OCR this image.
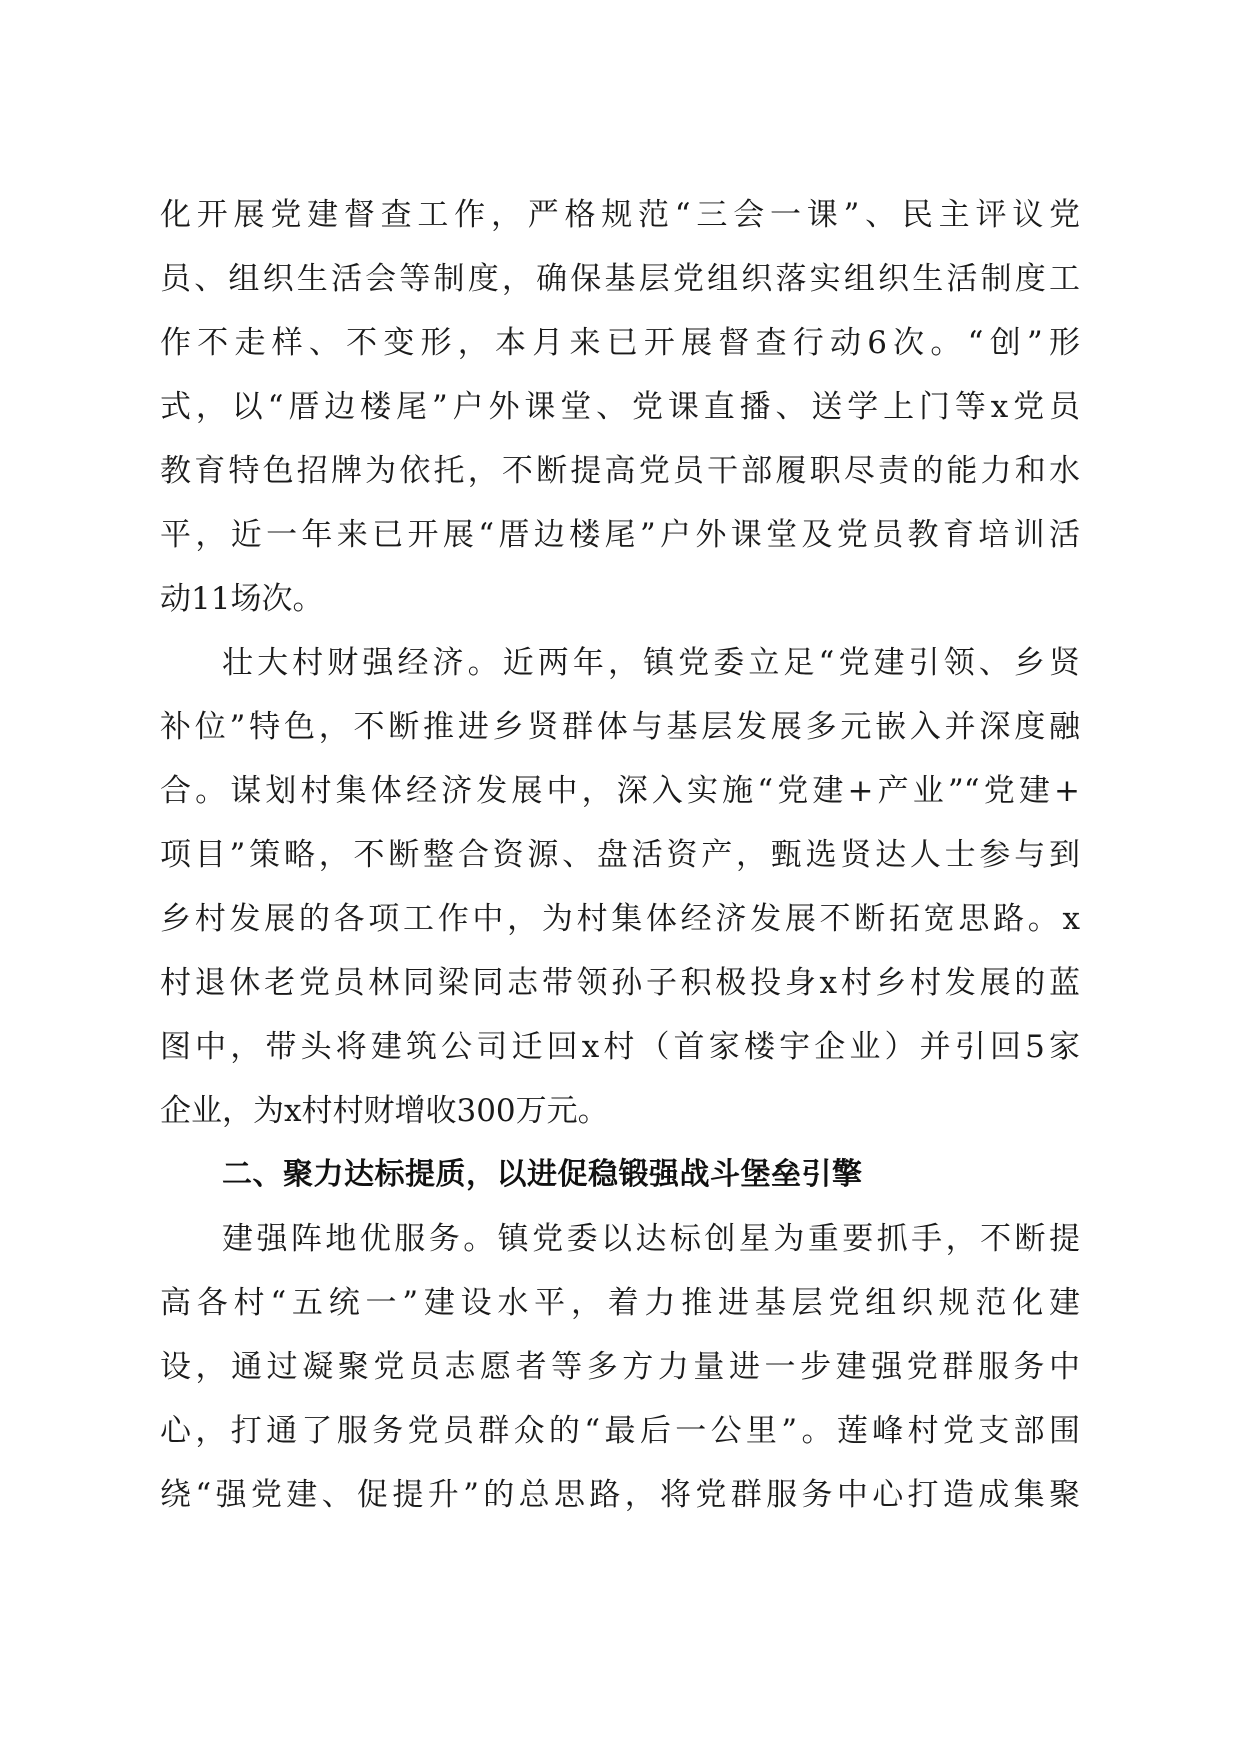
化开展党建督查工作，严格规范“三会一课”、民主评议党
员、组织生活会等制度，确保基层党组织落实组织生活制度工
作不走样、不变形，本月来已开展督查行动6次。“创”形
式，以“厝边楼尾”户外课堂、党课直播、送学上门等x党员
教育特色招牌为依托，不断提高党员干部履职尽责的能力和水
平，近一年来已开展“厝边楼尾”户外课堂及党员教育培训活
动11场次。
壮大村财强经济。近两年，镇党委立足“党建引领、乡贤
补位”特色，不断推进乡贤群体与基层发展多元嵌入并深度融
合。谋划村集体经济发展中，深入实施“党建+产业”“党建+
项目”策略，不断整合资源、盘活资产，甄选贤达人士参与到
乡村发展的各项工作中，为村集体经济发展不断拓宽思路。x
村退休老党员林同梁同志带领孙子积极投身x村乡村发展的蓝
图中，带头将建筑公司迁回x村（首家楼宇企业）并引回5家
企业，为x村村财增收300万元。
二、聚力达标提质，以进促稳锻强战斗堡垒引擎
建强阵地优服务。镇党委以达标创星为重要抓手，不断提
高各村“五统一”建设水平，着力推进基层党组织规范化建
设，通过凝聚党员志愿者等多方力量进一步建强党群服务中
心，打通了服务党员群众的“最后一公里”。莲峰村党支部围
绕“强党建、促提升”的总思路，将党群服务中心打造成集聚
